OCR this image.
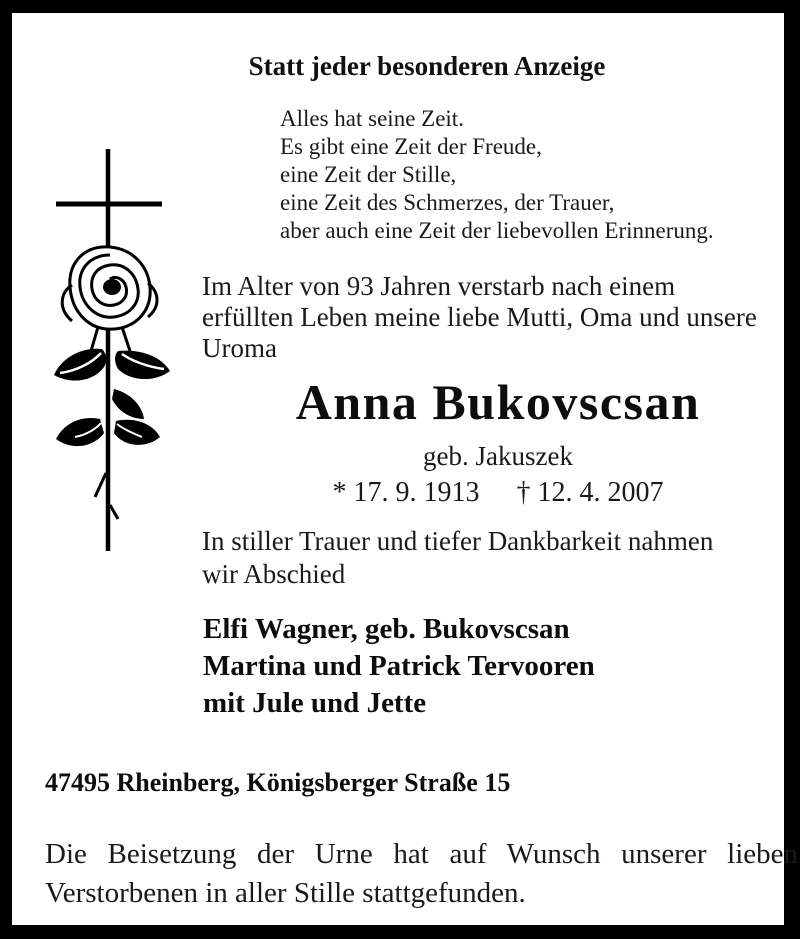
Statt jeder besonderen Anzeige
Alles hat seine Zeit.
Es gibt eine Zeit der Freude,
eine Zeit der Stille,
eine Zeit des Schmerzes, der Trauer,
aber auch eine Zeit der liebevollen Erinnerung.
Im Alter von 93 Jahren verstarb nach einem
erfüllten Leben meine liebe Mutti, Oma und unsere
Uroma
Anna Bukovscsan
geb. Jakuszek
* 17. 9. 1913 † 12. 4. 2007
In stiller Trauer und tiefer Dankbarkeit nahmen
wir Abschied
Elfi Wagner, geb. Bukovscsan
Martina und Patrick Tervooren
mit Jule und Jette
47495 Rheinberg, Königsberger Straße 15
Die Beisetzung der Urne hat auf Wunsch unserer lieben
Verstorbenen in aller Stille stattgefunden.
